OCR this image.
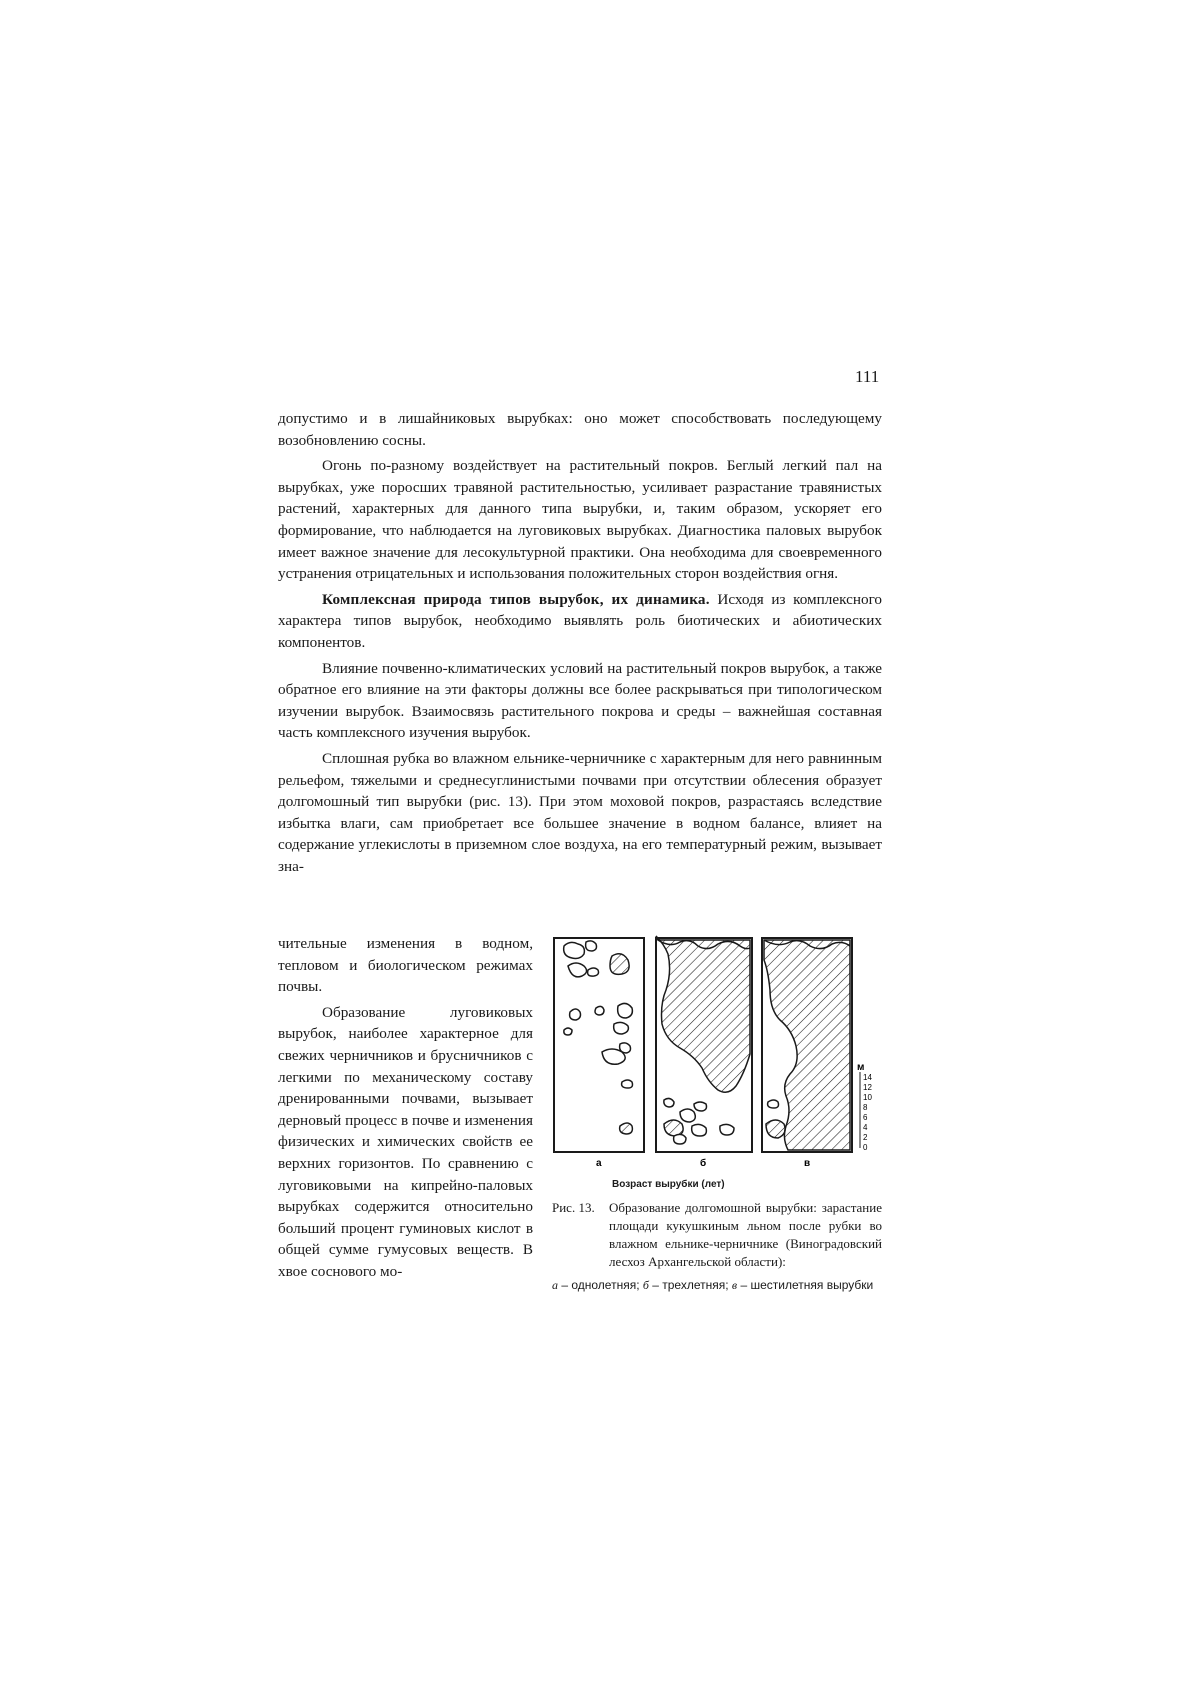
111

допустимо и в лишайниковых вырубках: оно может способствовать последующему возобновлению сосны.

Огонь по-разному воздействует на растительный покров. Беглый легкий пал на вырубках, уже поросших травяной растительностью, усиливает разрастание травянистых растений, характерных для данного типа вырубки, и, таким образом, ускоряет его формирование, что наблюдается на луговиковых вырубках. Диагностика паловых вырубок имеет важное значение для лесокультурной практики. Она необходима для своевременного устранения отрицательных и использования положительных сторон воздействия огня.

Комплексная природа типов вырубок, их динамика. Исходя из комплексного характера типов вырубок, необходимо выявлять роль биотических и абиотических компонентов.

Влияние почвенно-климатических условий на растительный покров вырубок, а также обратное его влияние на эти факторы должны все более раскрываться при типологическом изучении вырубок. Взаимосвязь растительного покрова и среды – важнейшая составная часть комплексного изучения вырубок.

Сплошная рубка во влажном ельнике-черничнике с характерным для него равнинным рельефом, тяжелыми и среднесуглинистыми почвами при отсутствии облесения образует долгомошный тип вырубки (рис. 13). При этом моховой покров, разрастаясь вследствие избытка влаги, сам приобретает все большее значение в водном балансе, влияет на содержание углекислоты в приземном слое воздуха, на его температурный режим, вызывает зна-

чительные изменения в водном, тепловом и биологическом режимах почвы.

Образование луговиковых вырубок, наиболее характерное для свежих черничников и брусничников с легкими по механическому составу дренированными почвами, вызывает дерновый процесс в почве и изменения физических и химических свойств ее верхних горизонтов. По сравнению с луговиковыми на кипрейно-паловых вырубках содержится относительно больший процент гуминовых кислот в общей сумме гумусовых веществ. В хвое соснового мо-

м
14
12
10
8
6
4
2
0
а	б	в
Возраст вырубки (лет)
Рис. 13.	Образование долгомошной вырубки: зарастание площади кукушкиным льном после рубки во влажном ельнике-черничнике (Виноградовский лесхоз Архангельской области):
а – однолетняя; б – трехлетняя; в – шестилетняя вырубки
